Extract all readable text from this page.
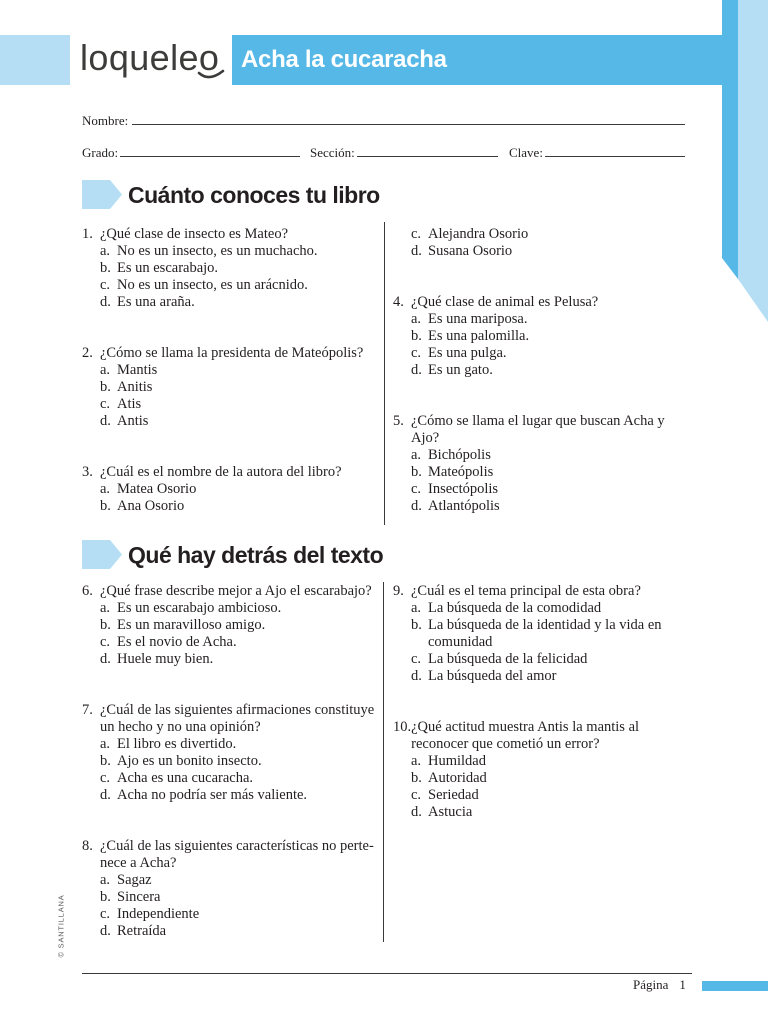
loqueleo Acha la cucaracha
Nombre:
Grado:	Sección:	Clave:
Cuánto conoces tu libro
1. ¿Qué clase de insecto es Mateo?
a. No es un insecto, es un muchacho.
b. Es un escarabajo.
c. No es un insecto, es un arácnido.
d. Es una araña.
2. ¿Cómo se llama la presidenta de Mateópolis?
a. Mantis
b. Anitis
c. Atis
d. Antis
3. ¿Cuál es el nombre de la autora del libro?
a. Matea Osorio
b. Ana Osorio
c. Alejandra Osorio
d. Susana Osorio
4. ¿Qué clase de animal es Pelusa?
a. Es una mariposa.
b. Es una palomilla.
c. Es una pulga.
d. Es un gato.
5. ¿Cómo se llama el lugar que buscan Acha y
Ajo?
a. Bichópolis
b. Mateópolis
c. Insectópolis
d. Atlantópolis
Qué hay detrás del texto
6. ¿Qué frase describe mejor a Ajo el escarabajo?
a. Es un escarabajo ambicioso.
b. Es un maravilloso amigo.
c. Es el novio de Acha.
d. Huele muy bien.
7. ¿Cuál de las siguientes afirmaciones constituye
un hecho y no una opinión?
a. El libro es divertido.
b. Ajo es un bonito insecto.
c. Acha es una cucaracha.
d. Acha no podría ser más valiente.
8. ¿Cuál de las siguientes características no perte-
nece a Acha?
a. Sagaz
b. Sincera
c. Independiente
d. Retraída
9. ¿Cuál es el tema principal de esta obra?
a. La búsqueda de la comodidad
b. La búsqueda de la identidad y la vida en
comunidad
c. La búsqueda de la felicidad
d. La búsqueda del amor
10. ¿Qué actitud muestra Antis la mantis al
reconocer que cometió un error?
a. Humildad
b. Autoridad
c. Seriedad
d. Astucia
© SANTILLANA
Página 1
